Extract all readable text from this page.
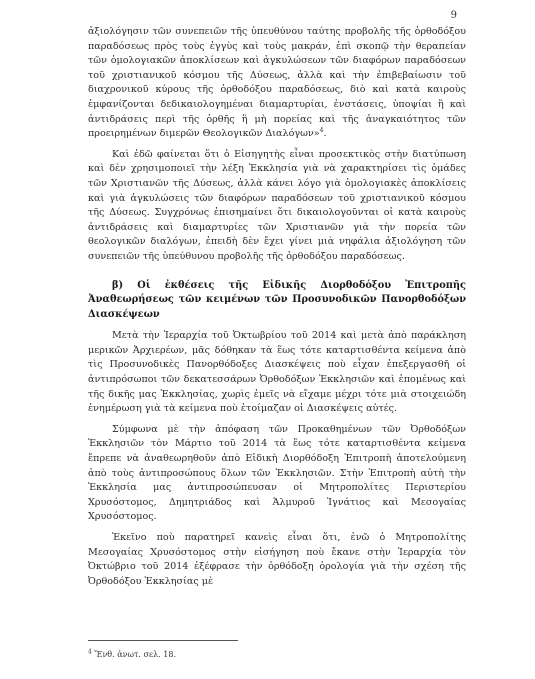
9

ἀξιολόγησιν τῶν συνεπειῶν τῆς ὑπευθύνου ταύτης προβολῆς τῆς ὀρθοδόξου παραδόσεως πρὸς τοὺς ἐγγὺς καὶ τοὺς μακράν, ἐπὶ σκοπῷ τὴν θεραπείαν τῶν ὁμολογιακῶν ἀποκλίσεων καὶ ἀγκυλώσεων τῶν διαφόρων παραδόσεων τοῦ χριστιανικοῦ κόσμου τῆς Δύσεως, ἀλλὰ καὶ τὴν ἐπιβεβαίωσιν τοῦ διαχρονικοῦ κύρους τῆς ὀρθοδόξου παραδόσεως, διὸ καὶ κατὰ καιροὺς ἐμφανίζονται δεδικαιολογημέναι διαμαρτυρίαι, ἐνστάσεις, ὑποψίαι ἢ καὶ ἀντιδράσεις περὶ τῆς ὀρθῆς ἢ μὴ πορείας καὶ τῆς ἀναγκαιότητος τῶν προειρημένων διμερῶν Θεολογικῶν Διαλόγων»$^4$.

Καὶ ἐδῶ φαίνεται ὅτι ὁ Εἰσηγητὴς εἶναι προσεκτικὸς στὴν διατύπωση καὶ δὲν χρησιμοποιεῖ τὴν λέξη Ἐκκλησία γιὰ νὰ χαρακτηρίσει τὶς ὁμάδες τῶν Χριστιανῶν τῆς Δύσεως, ἀλλὰ κάνει λόγο γιὰ ὁμολογιακὲς ἀποκλίσεις καὶ γιὰ ἀγκυλώσεις τῶν διαφόρων παραδόσεων τοῦ χριστιανικοῦ κόσμου τῆς Δύσεως. Συγχρόνως ἐπισημαίνει ὅτι δικαιολογοῦνται οἱ κατὰ καιροὺς ἀντιδράσεις καὶ διαμαρτυρίες τῶν Χριστιανῶν γιὰ τὴν πορεία τῶν θεολογικῶν διαλόγων, ἐπειδὴ δὲν ἔχει γίνει μιὰ νηφάλια ἀξιολόγηση τῶν συνεπειῶν τῆς ὑπεύθυνου προβολῆς τῆς ὀρθοδόξου παραδόσεως.

β) Οἱ ἐκθέσεις τῆς Εἰδικῆς Διορθοδόξου Ἐπιτροπῆς Ἀναθεωρήσεως τῶν κειμένων τῶν Προσυνοδικῶν Πανορθοδόξων Διασκέψεων

Μετὰ τὴν Ἱεραρχία τοῦ Ὀκτωβρίου τοῦ 2014 καὶ μετὰ ἀπὸ παράκληση μερικῶν Ἀρχιερέων, μᾶς δόθηκαν τὰ ἕως τότε καταρτισθέντα κείμενα ἀπὸ τὶς Προσυνοδικὲς Πανορθόδοξες Διασκέψεις ποὺ εἶχαν ἐπεξεργασθῆ οἱ ἀντιπρόσωποι τῶν δεκατεσσάρων Ὀρθοδόξων Ἐκκλησιῶν καὶ ἑπομένως καὶ τῆς δικῆς μας Ἐκκλησίας, χωρὶς ἐμεῖς νὰ εἴχαμε μέχρι τότε μιὰ στοιχειώδη ἐνημέρωση γιὰ τὰ κείμενα ποὺ ἑτοίμαζαν οἱ Διασκέψεις αὐτές.

Σύμφωνα μὲ τὴν ἀπόφαση τῶν Προκαθημένων τῶν Ὀρθοδόξων Ἐκκλησιῶν τὸν Μάρτιο τοῦ 2014 τὰ ἕως τότε καταρτισθέντα κείμενα ἔπρεπε νὰ ἀναθεωρηθοῦν ἀπὸ Εἰδικὴ Διορθόδοξη Ἐπιτροπὴ ἀποτελούμενη ἀπὸ τοὺς ἀντιπροσώπους ὅλων τῶν Ἐκκλησιῶν. Στὴν Ἐπιτροπὴ αὐτὴ τὴν Ἐκκλησία μας ἀντιπροσώπευσαν οἱ Μητροπολίτες Περιστερίου Χρυσόστομος, Δημητριάδος καὶ Ἁλμυροῦ Ἰγνάτιος καὶ Μεσογαίας Χρυσόστομος.

Ἐκεῖνο ποὺ παρατηρεῖ κανεὶς εἶναι ὅτι, ἐνῶ ὁ Μητροπολίτης Μεσογαίας Χρυσόστομος στὴν εἰσήγηση ποὺ ἔκανε στὴν Ἱεραρχία τὸν Ὀκτώβριο τοῦ 2014 ἐξέφρασε τὴν ὀρθόδοξη ὁρολογία γιὰ τὴν σχέση τῆς Ὀρθοδόξου Ἐκκλησίας μὲ

$^4$ Ἔνθ. ἀνωτ. σελ. 18.
